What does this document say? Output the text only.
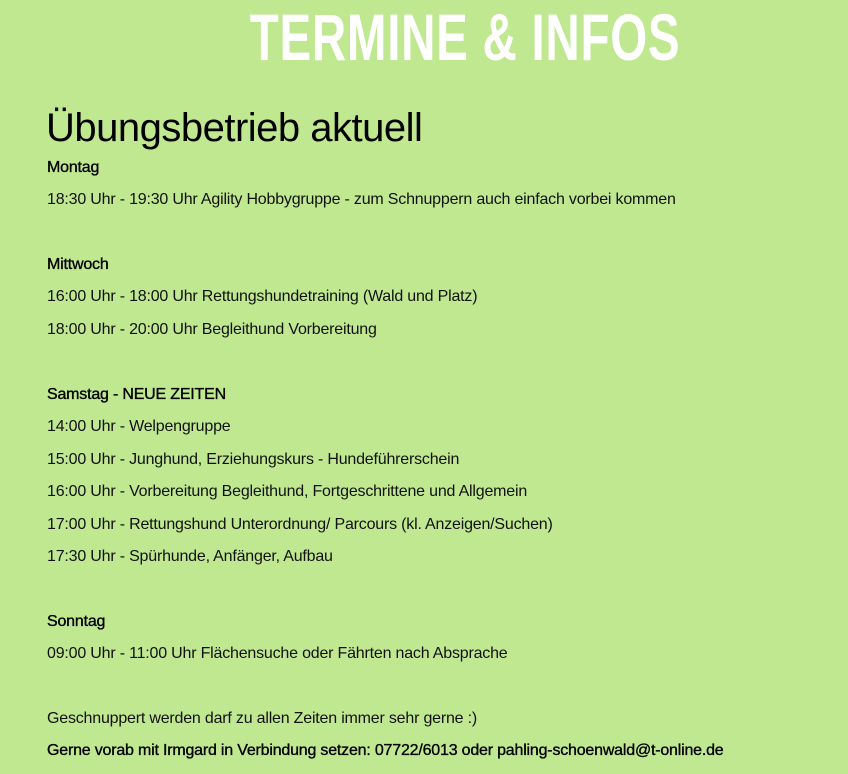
TERMINE & INFOS
Übungsbetrieb aktuell
Montag
18:30 Uhr - 19:30 Uhr Agility Hobbygruppe - zum Schnuppern auch einfach vorbei kommen
Mittwoch
16:00 Uhr - 18:00 Uhr Rettungshundetraining (Wald und Platz)
18:00 Uhr - 20:00 Uhr Begleithund Vorbereitung
Samstag - NEUE ZEITEN
14:00 Uhr - Welpengruppe
15:00 Uhr - Junghund, Erziehungskurs - Hundeführerschein
16:00 Uhr - Vorbereitung Begleithund, Fortgeschrittene und Allgemein
17:00 Uhr - Rettungshund Unterordnung/ Parcours (kl. Anzeigen/Suchen)
17:30 Uhr - Spürhunde, Anfänger, Aufbau
Sonntag
09:00 Uhr - 11:00 Uhr Flächensuche oder Fährten nach Absprache
Geschnuppert werden darf zu allen Zeiten immer sehr gerne :)
Gerne vorab mit Irmgard in Verbindung setzen: 07722/6013 oder pahling-schoenwald@t-online.de
